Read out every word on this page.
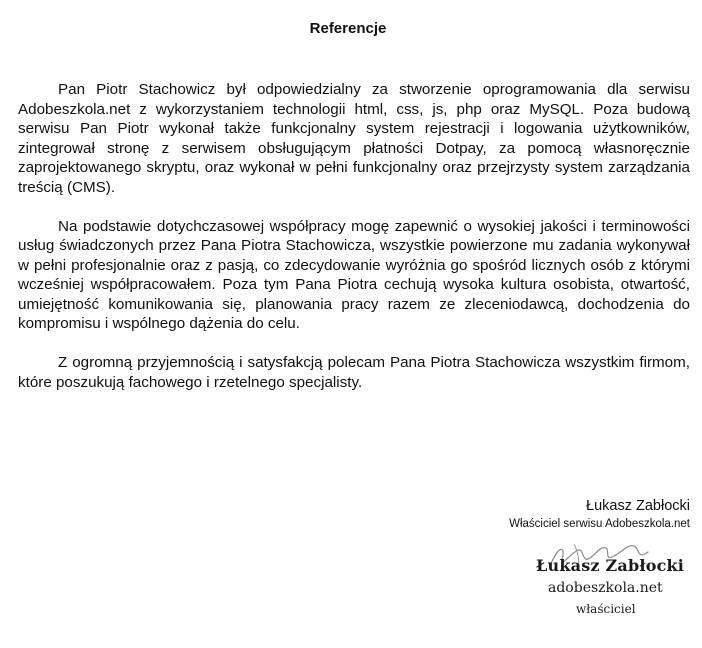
Referencje

Pan Piotr Stachowicz był odpowiedzialny za stworzenie oprogramowania dla serwisu Adobeszkola.net z wykorzystaniem technologii html, css, js, php oraz MySQL. Poza budową serwisu Pan Piotr wykonał także funkcjonalny system rejestracji i logowania użytkowników, zintegrował stronę z serwisem obsługującym płatności Dotpay, za pomocą własnoręcznie zaprojektowanego skryptu, oraz wykonał w pełni funkcjonalny oraz przejrzysty system zarządzania treścią (CMS).

Na podstawie dotychczasowej współpracy mogę zapewnić o wysokiej jakości i terminowości usług świadczonych przez Pana Piotra Stachowicza, wszystkie powierzone mu zadania wykonywał w pełni profesjonalnie oraz z pasją, co zdecydowanie wyróżnia go spośród licznych osób z którymi wcześniej współpracowałem. Poza tym Pana Piotra cechują wysoka kultura osobista, otwartość, umiejętność komunikowania się, planowania pracy razem ze zleceniodawcą, dochodzenia do kompromisu i wspólnego dążenia do celu.

Z ogromną przyjemnością i satysfakcją polecam Pana Piotra Stachowicza wszystkim firmom, które poszukują fachowego i rzetelnego specjalisty.

Łukasz Zabłocki
Właściciel serwisu Adobeszkola.net
Łukasz Zabłocki
adobeszkola.net
właściciel
